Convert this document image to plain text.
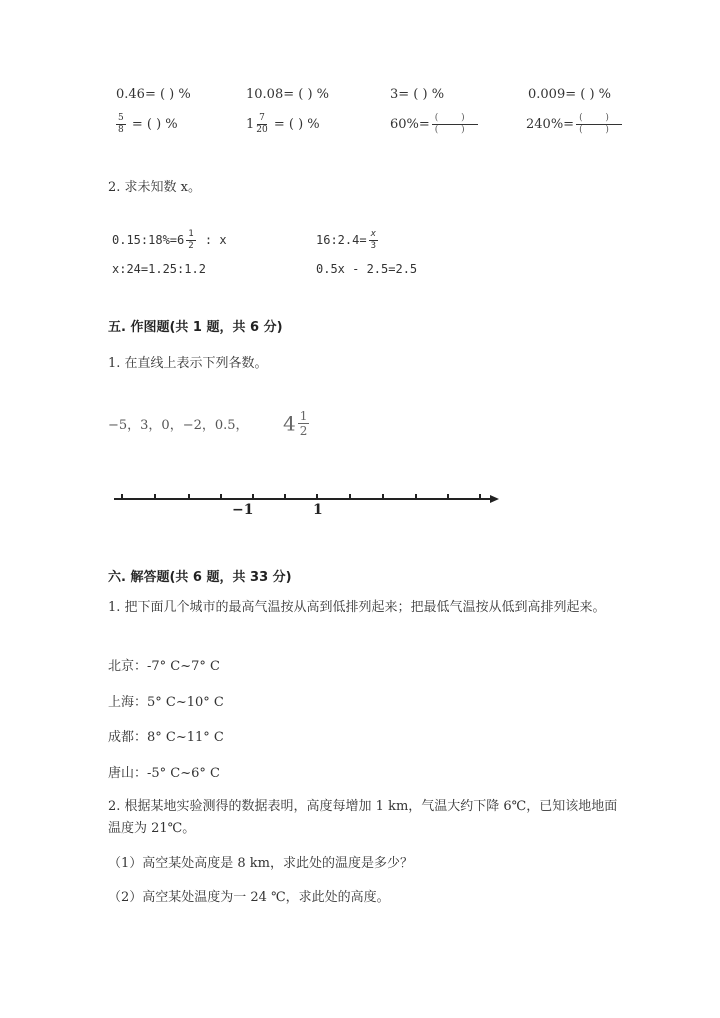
0.46= ( ) %	10.08= ( ) %	3= ( ) %	0.009= ( ) %
$\frac{5}{8}$ = ( ) %	$1 \frac{7}{20}$ = ( ) %	$60\%= \frac{( )}{( )}$	$240\%= \frac{( )}{( )}$
2. 求未知数 x。
0.15:18%=6 $\frac{1}{2}$ : x	16:2.4= $\frac{x}{3}$
x:24=1.25:1.2	0.5x - 2.5=2.5
五. 作图题(共 1 题，共 6 分)
1. 在直线上表示下列各数。
−5，3，0，−2，0.5， $4 \frac{1}{2}$
−1	1
六. 解答题(共 6 题，共 33 分)
1. 把下面几个城市的最高气温按从高到低排列起来；把最低气温按从低到高排列起来。
北京：-7° C~7° C
上海：5° C~10° C
成都：8° C~11° C
唐山：-5° C~6° C
2. 根据某地实验测得的数据表明，高度每增加 1 km，气温大约下降 6℃，已知该地地面温度为 21℃。
（1）高空某处高度是 8 km，求此处的温度是多少？
（2）高空某处温度为一 24 ℃，求此处的高度。
